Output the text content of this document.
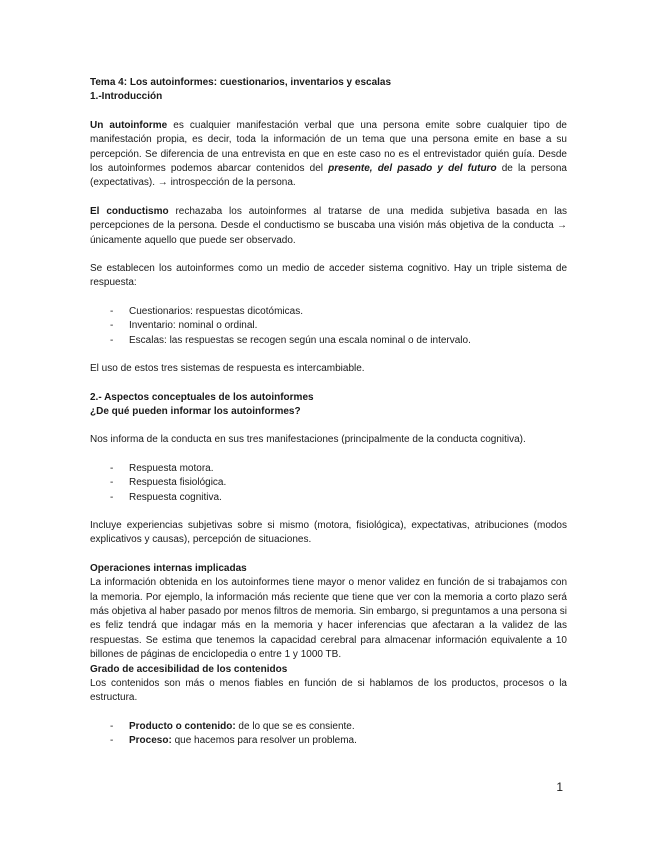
Tema 4: Los autoinformes: cuestionarios, inventarios y escalas

1.-Introducción

Un autoinforme es cualquier manifestación verbal que una persona emite sobre cualquier tipo de manifestación propia, es decir, toda la información de un tema que una persona emite en base a su percepción. Se diferencia de una entrevista en que en este caso no es el entrevistador quién guía. Desde los autoinformes podemos abarcar contenidos del presente, del pasado y del futuro de la persona (expectativas). → introspección de la persona.

El conductismo rechazaba los autoinformes al tratarse de una medida subjetiva basada en las percepciones de la persona. Desde el conductismo se buscaba una visión más objetiva de la conducta → únicamente aquello que puede ser observado.

Se establecen los autoinformes como un medio de acceder sistema cognitivo. Hay un triple sistema de respuesta:

- Cuestionarios: respuestas dicotómicas.
- Inventario: nominal o ordinal.
- Escalas: las respuestas se recogen según una escala nominal o de intervalo.

El uso de estos tres sistemas de respuesta es intercambiable.

2.- Aspectos conceptuales de los autoinformes

¿De qué pueden informar los autoinformes?

Nos informa de la conducta en sus tres manifestaciones (principalmente de la conducta cognitiva).

- Respuesta motora.
- Respuesta fisiológica.
- Respuesta cognitiva.

Incluye experiencias subjetivas sobre si mismo (motora, fisiológica), expectativas, atribuciones (modos explicativos y causas), percepción de situaciones.

Operaciones internas implicadas

La información obtenida en los autoinformes tiene mayor o menor validez en función de si trabajamos con la memoria. Por ejemplo, la información más reciente que tiene que ver con la memoria a corto plazo será más objetiva al haber pasado por menos filtros de memoria. Sin embargo, si preguntamos a una persona si es feliz tendrá que indagar más en la memoria y hacer inferencias que afectaran a la validez de las respuestas. Se estima que tenemos la capacidad cerebral para almacenar información equivalente a 10 billones de páginas de enciclopedia o entre 1 y 1000 TB.

Grado de accesibilidad de los contenidos

Los contenidos son más o menos fiables en función de si hablamos de los productos, procesos o la estructura.

- Producto o contenido: de lo que se es consiente.
- Proceso: que hacemos para resolver un problema.
1
